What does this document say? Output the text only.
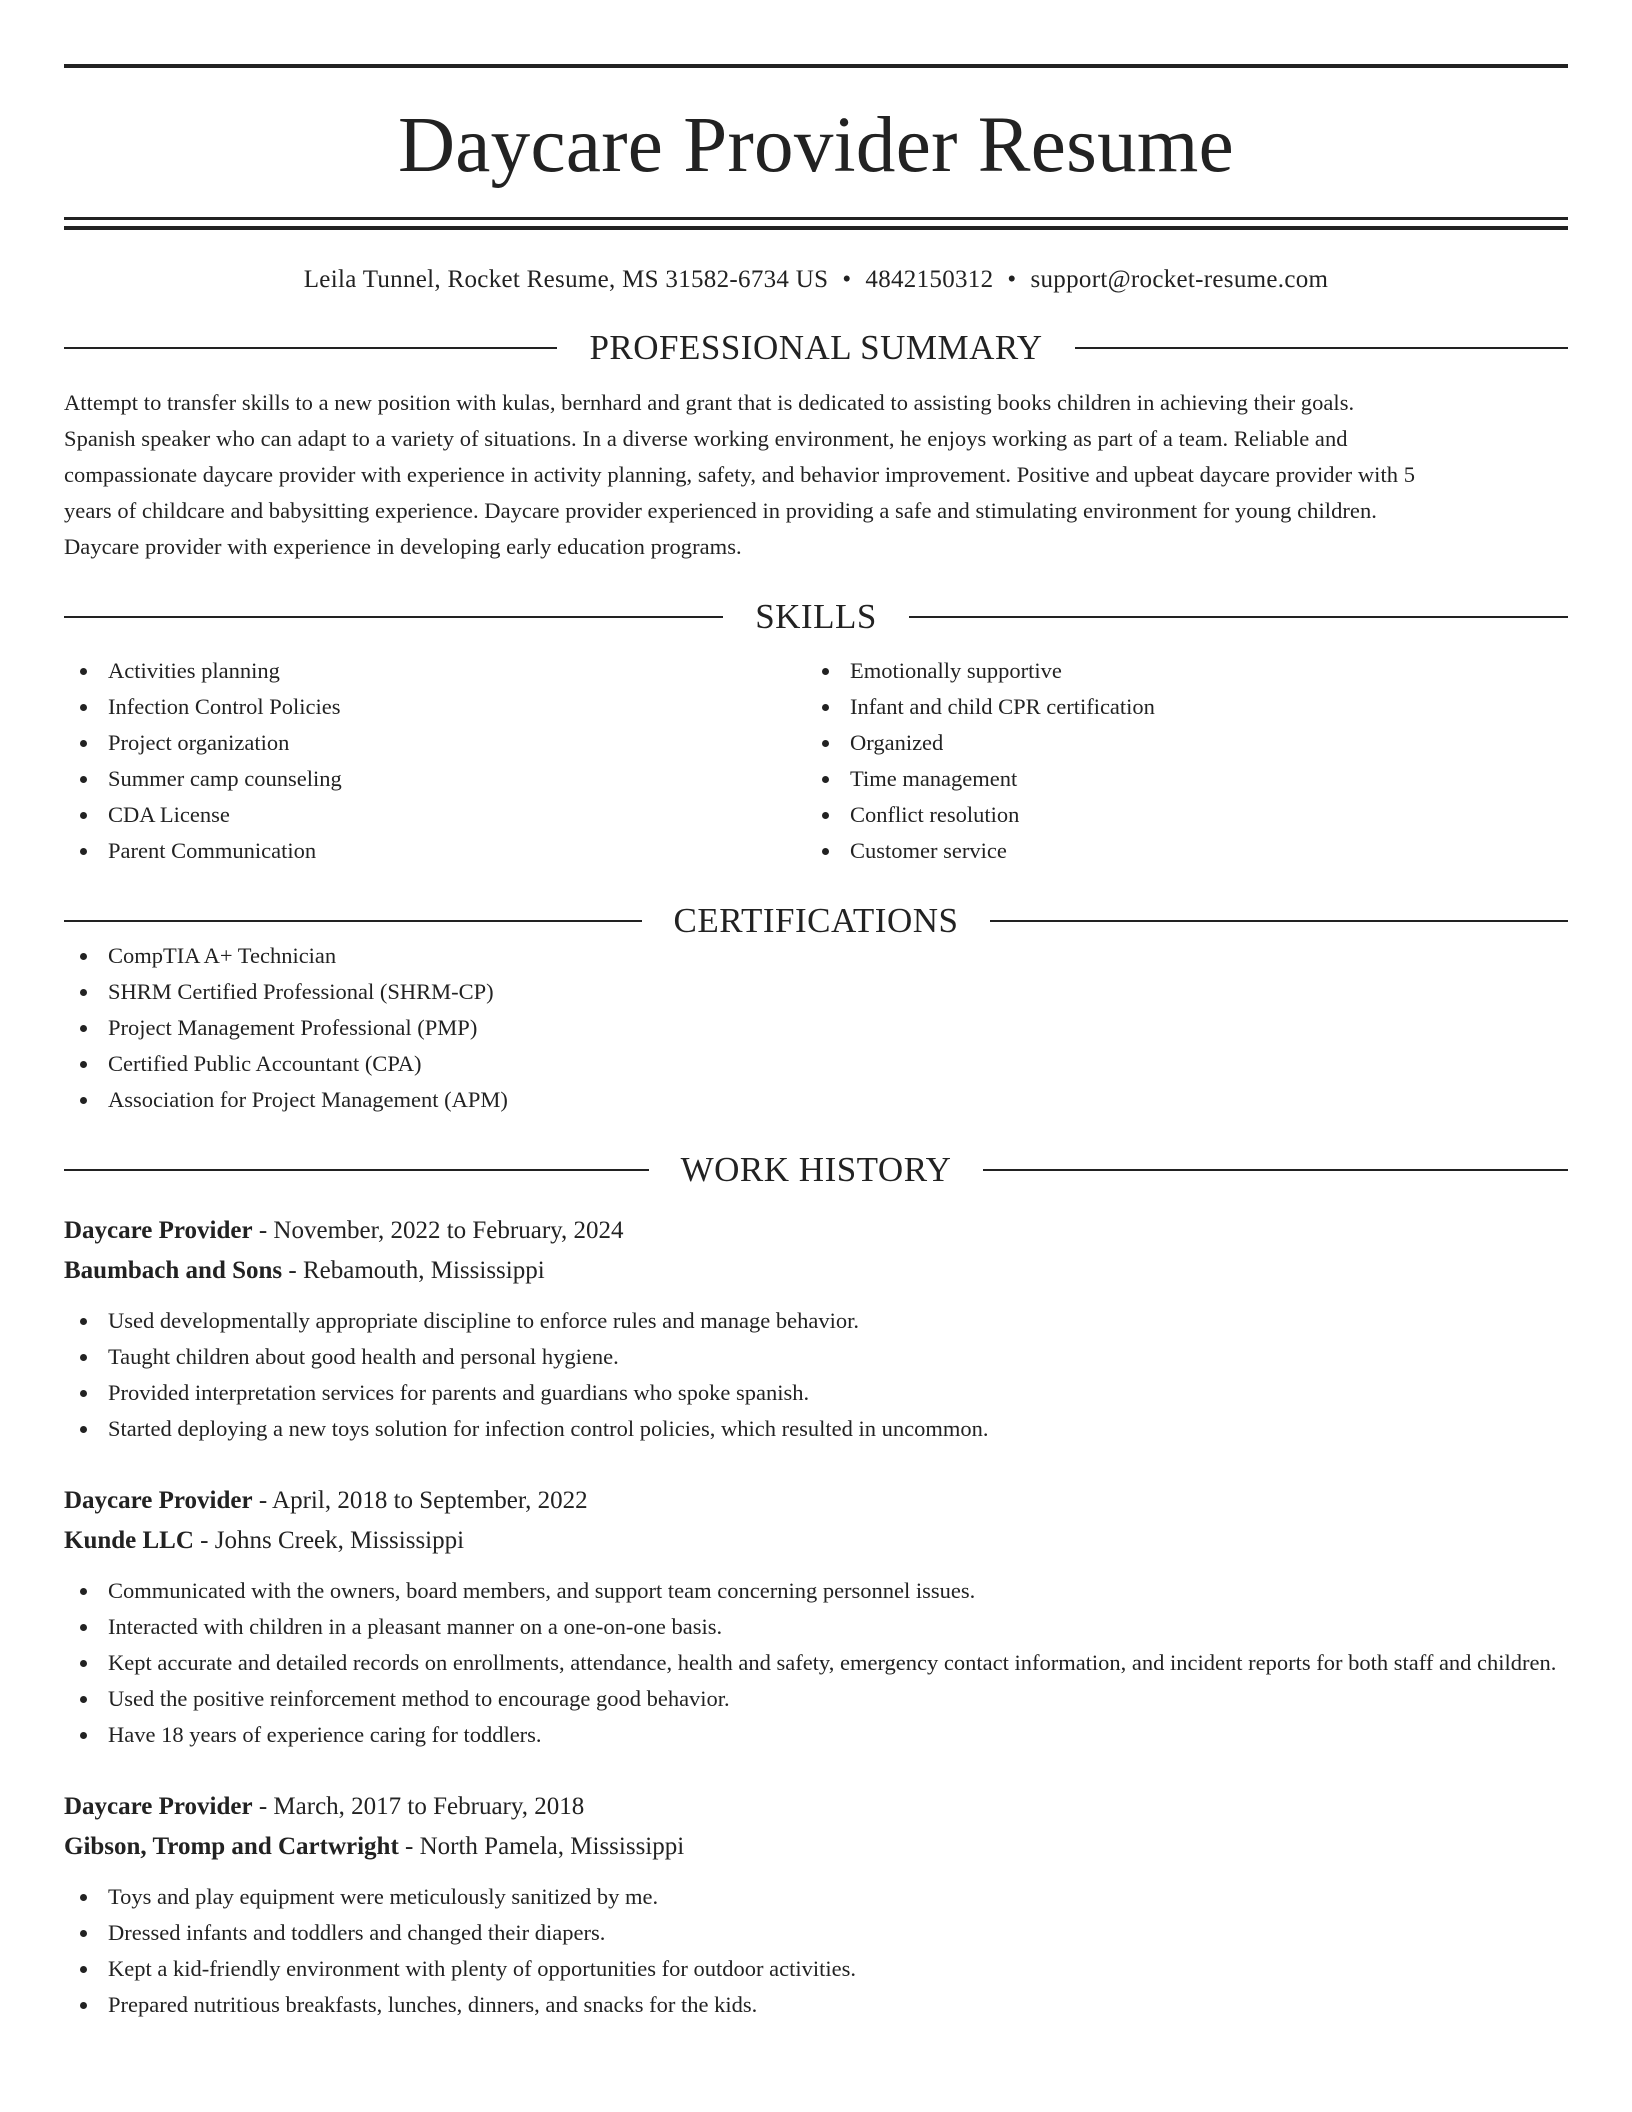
Daycare Provider Resume
Leila Tunnel, Rocket Resume, MS 31582-6734 US • 4842150312 • support@rocket-resume.com
PROFESSIONAL SUMMARY
Attempt to transfer skills to a new position with kulas, bernhard and grant that is dedicated to assisting books children in achieving their goals.
Spanish speaker who can adapt to a variety of situations. In a diverse working environment, he enjoys working as part of a team. Reliable and
compassionate daycare provider with experience in activity planning, safety, and behavior improvement. Positive and upbeat daycare provider with 5
years of childcare and babysitting experience. Daycare provider experienced in providing a safe and stimulating environment for young children.
Daycare provider with experience in developing early education programs.
SKILLS
Activities planning
Infection Control Policies
Project organization
Summer camp counseling
CDA License
Parent Communication
Emotionally supportive
Infant and child CPR certification
Organized
Time management
Conflict resolution
Customer service
CERTIFICATIONS
CompTIA A+ Technician
SHRM Certified Professional (SHRM-CP)
Project Management Professional (PMP)
Certified Public Accountant (CPA)
Association for Project Management (APM)
WORK HISTORY
Daycare Provider - November, 2022 to February, 2024
Baumbach and Sons - Rebamouth, Mississippi
Used developmentally appropriate discipline to enforce rules and manage behavior.
Taught children about good health and personal hygiene.
Provided interpretation services for parents and guardians who spoke spanish.
Started deploying a new toys solution for infection control policies, which resulted in uncommon.
Daycare Provider - April, 2018 to September, 2022
Kunde LLC - Johns Creek, Mississippi
Communicated with the owners, board members, and support team concerning personnel issues.
Interacted with children in a pleasant manner on a one-on-one basis.
Kept accurate and detailed records on enrollments, attendance, health and safety, emergency contact information, and incident reports for both staff and children.
Used the positive reinforcement method to encourage good behavior.
Have 18 years of experience caring for toddlers.
Daycare Provider - March, 2017 to February, 2018
Gibson, Tromp and Cartwright - North Pamela, Mississippi
Toys and play equipment were meticulously sanitized by me.
Dressed infants and toddlers and changed their diapers.
Kept a kid-friendly environment with plenty of opportunities for outdoor activities.
Prepared nutritious breakfasts, lunches, dinners, and snacks for the kids.
